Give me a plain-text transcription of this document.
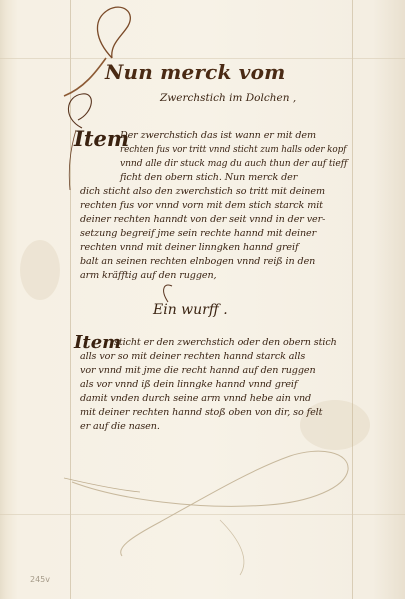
Nun merck vom
Zwerchstich im Dolchen ,
Item
Der zwerchstich das ist wann er mit dem
rechten fus vor tritt vnnd sticht zum halls oder kopf
vnnd alle dir stuck mag du auch thun der auf tieff
ficht den obern stich. Nun merck der
dich sticht also den zwerchstich so tritt mit deinem
rechten fus vor vnnd vorn mit dem stich starck mit
deiner rechten hanndt von der seit vnnd in der ver-
setzung begreif jme sein rechte hannd mit deiner
rechten vnnd mit deiner linngken hannd greif
balt an seinen rechten elnbogen vnnd reiß in den
arm kräfftig auf den ruggen,
Ein wurff .
Item
sticht er den zwerchstich oder den obern stich
alls vor so mit deiner rechten hannd starck alls
vor vnnd mit jme die recht hannd auf den ruggen
als vor vnnd iß dein linngke hannd vnnd greif
damit vnden durch seine arm vnnd hebe ain vnd
mit deiner rechten hannd stoß oben von dir, so felt
er auf die nasen.
245v
